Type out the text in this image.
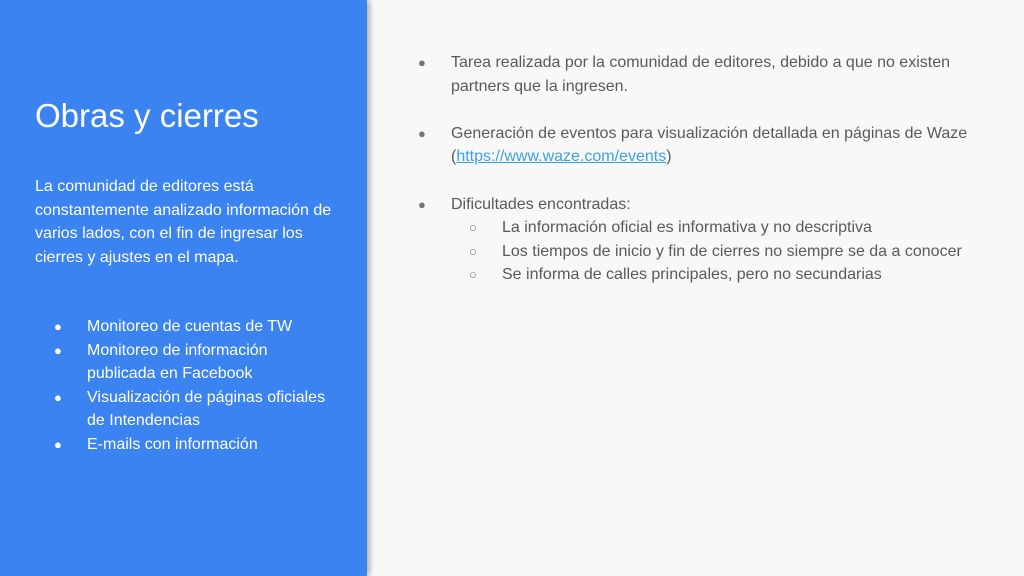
Obras y cierres

La comunidad de editores está constantemente analizado información de varios lados, con el fin de ingresar los cierres y ajustes en el mapa.

● Monitoreo de cuentas de TW
● Monitoreo de información publicada en Facebook
● Visualización de páginas oficiales de Intendencias
● E-mails con información
● Tarea realizada por la comunidad de editores, debido a que no existen partners que la ingresen.
● Generación de eventos para visualización detallada en páginas de Waze (https://www.waze.com/events)
● Dificultades encontradas:
○ La información oficial es informativa y no descriptiva
○ Los tiempos de inicio y fin de cierres no siempre se da a conocer
○ Se informa de calles principales, pero no secundarias
